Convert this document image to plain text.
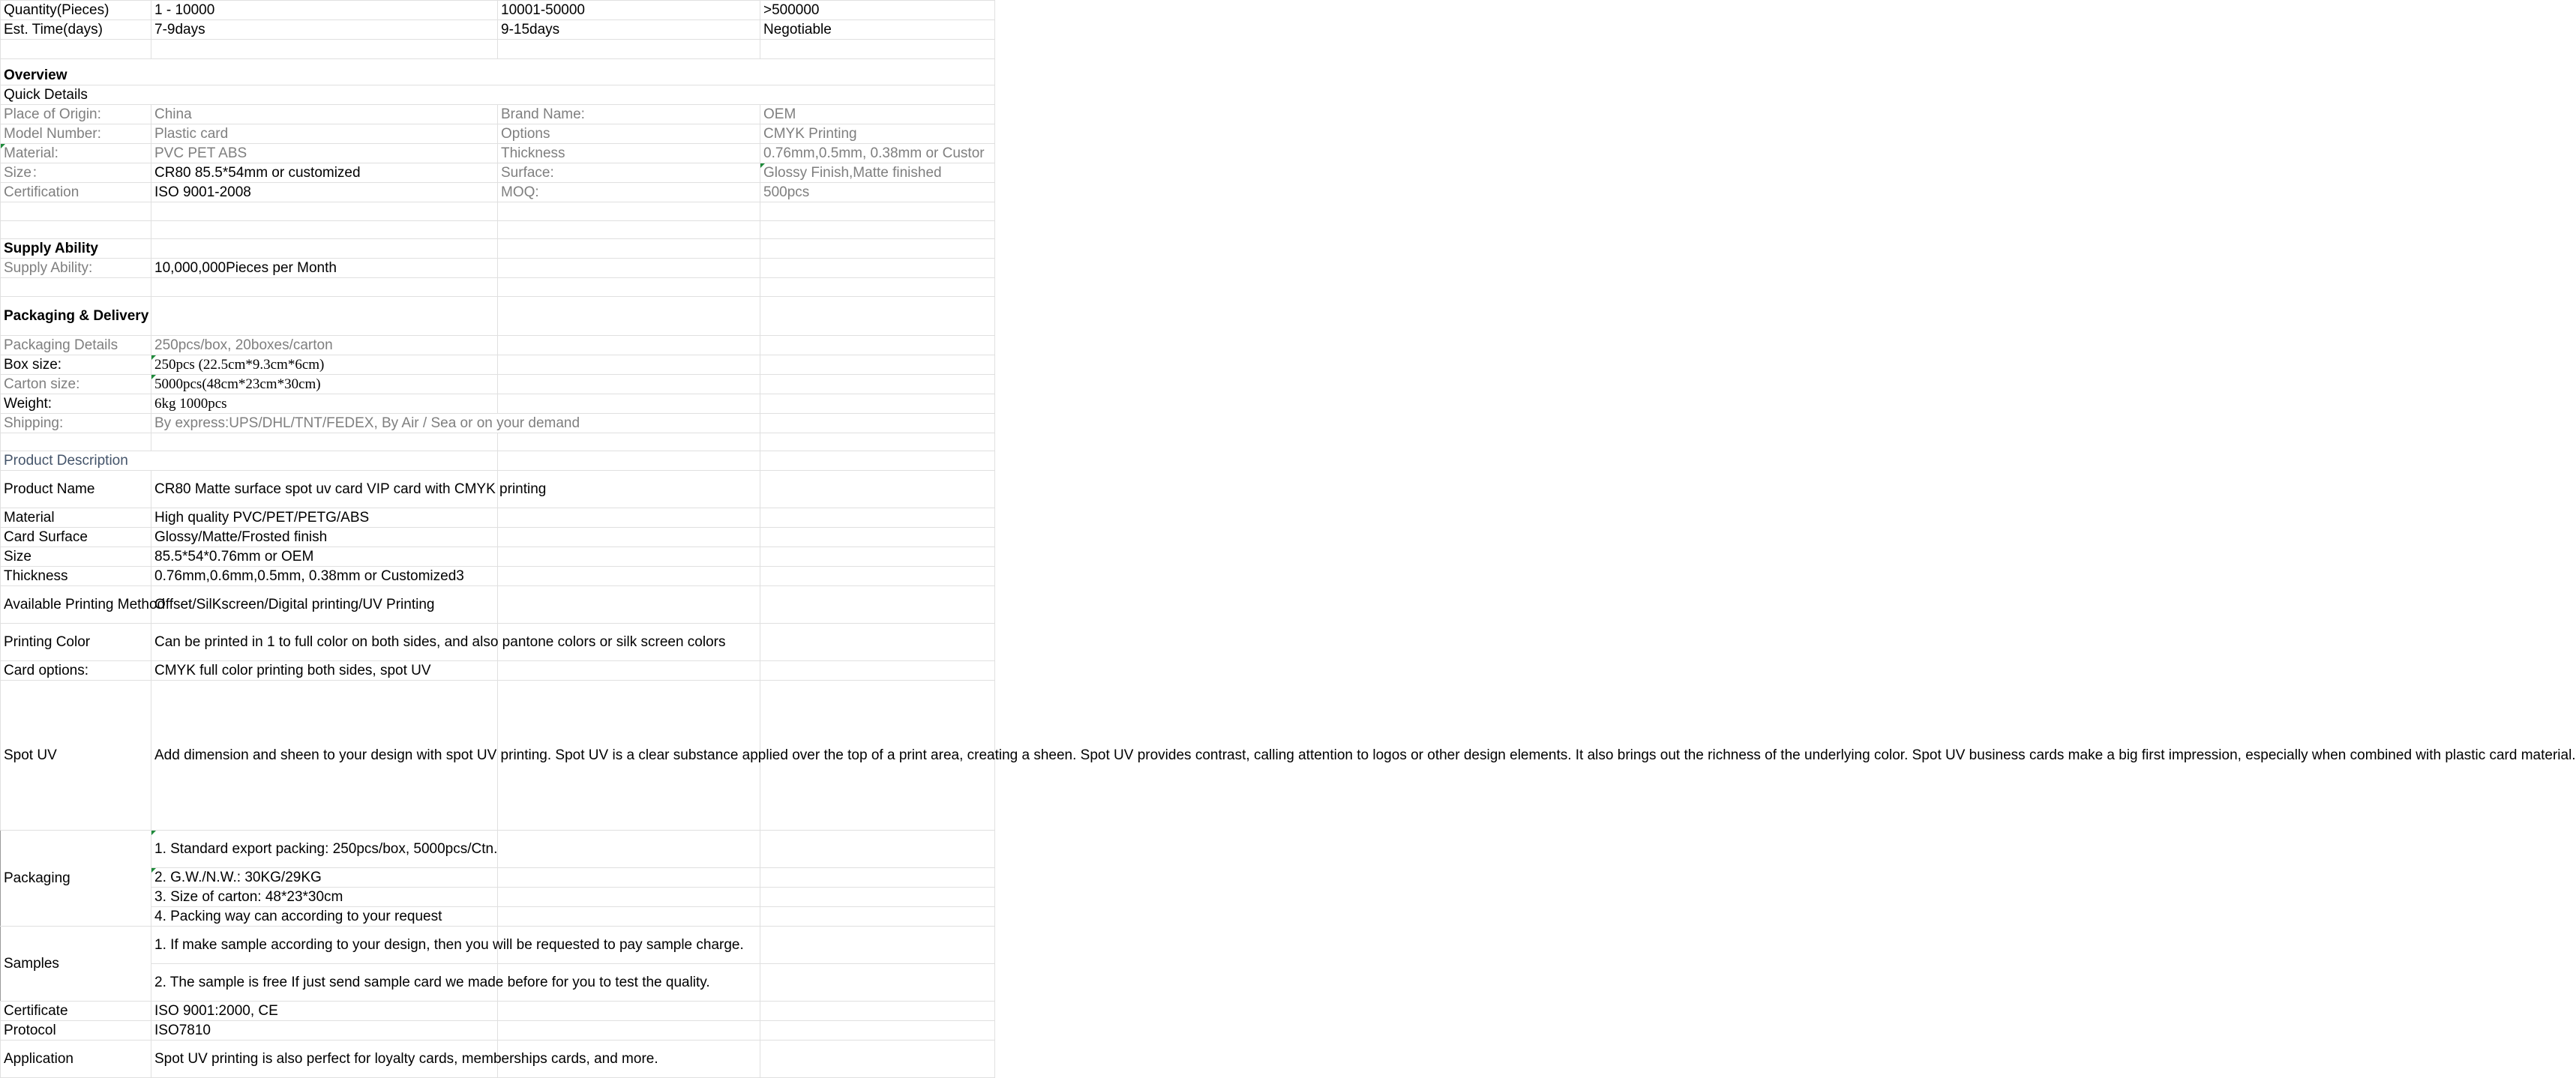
Quantity(Pieces)	1 - 10000	10001-50000	>500000
Est. Time(days)	7-9days	9-15days	Negotiable

Overview			
Quick Details			
Place of Origin:	China	Brand Name:	OEM
Model Number:	Plastic card	Options	CMYK Printing
Material:	PVC PET ABS	Thickness	0.76mm,0.5mm, 0.38mm or Custor
Size：	CR80 85.5*54mm or customized	Surface:	Glossy Finish,Matte finished
Certification	ISO 9001-2008	MOQ:	500pcs

Supply Ability			
Supply Ability:	10,000,000Pieces per Month		

Packaging & Delivery			
Packaging Details	250pcs/box, 20boxes/carton		
Box size:	250pcs (22.5cm*9.3cm*6cm)		
Carton size:	5000pcs(48cm*23cm*30cm)		
Weight:	6kg 1000pcs		
Shipping:	By express:UPS/DHL/TNT/FEDEX, By Air / Sea or on your demand		

Product Description			
Product Name	CR80 Matte surface spot uv card VIP card with CMYK printing		
Material	High quality PVC/PET/PETG/ABS		
Card Surface	Glossy/Matte/Frosted finish		
Size	85.5*54*0.76mm or OEM		
Thickness	0.76mm,0.6mm,0.5mm, 0.38mm or Customized3		
Available Printing Method	Offset/SilKscreen/Digital printing/UV Printing		
Printing Color	Can be printed in 1 to full color on both sides, and also pantone colors or silk screen colors		
Card options:	CMYK full color printing both sides, spot UV		
Spot UV	Add dimension and sheen to your design with spot UV printing. Spot UV is a clear substance applied over the top of a print area, creating a sheen. Spot UV provides contrast, calling attention to logos or other design elements. It also brings out the richness of the underlying color. Spot UV business cards make a big first impression, especially when combined with plastic card material.		
Packaging	1. Standard export packing: 250pcs/box, 5000pcs/Ctn.		
	2. G.W./N.W.: 30KG/29KG		
	3. Size of carton: 48*23*30cm		
	4. Packing way can according to your request		
Samples	1. If make sample according to your design, then you will be requested to pay sample charge.		
	2. The sample is free If just send sample card we made before for you to test the quality.		
Certificate	ISO 9001:2000, CE		
Protocol	ISO7810		
Application	Spot UV printing is also perfect for loyalty cards, memberships cards, and more.		
